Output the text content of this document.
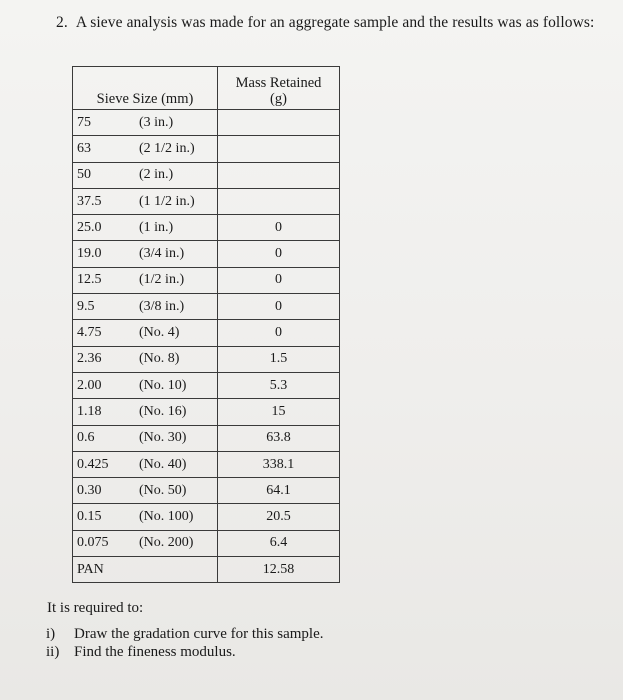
2. A sieve analysis was made for an aggregate sample and the results was as follows:
Sieve Size (mm)	Mass Retained
(g)

75 (3 in.)	

63 (2 1/2 in.)	

50 (2 in.)	

37.5 (1 1/2 in.)	

25.0 (1 in.)	0

19.0 (3/4 in.)	0

12.5 (1/2 in.)	0

9.5 (3/8 in.)	0

4.75 (No. 4)	0

2.36 (No. 8)	1.5

2.00 (No. 10)	5.3

1.18 (No. 16)	15

0.6 (No. 30)	63.8

0.425 (No. 40)	338.1

0.30 (No. 50)	64.1

0.15 (No. 100)	20.5

0.075 (No. 200)	6.4

PAN	12.58
It is required to:
i)	Draw the gradation curve for this sample.
ii) Find the fineness modulus.
